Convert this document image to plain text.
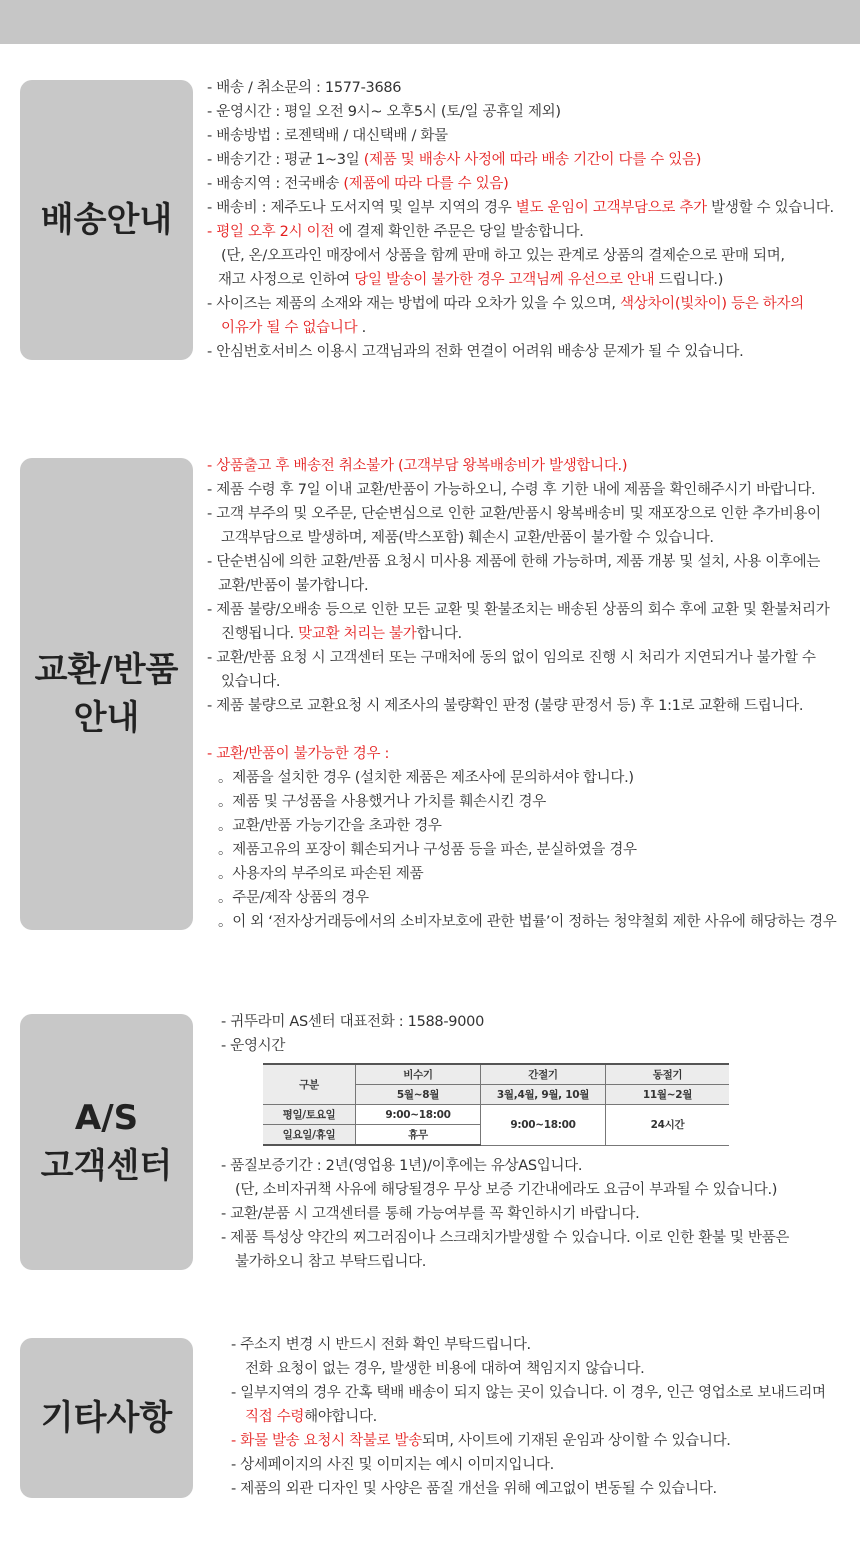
배송안내
- 배송 / 취소문의 : 1577-3686
- 운영시간 : 평일 오전 9시~ 오후5시 (토/일 공휴일 제외)
- 배송방법 : 로젠택배 / 대신택배 / 화물
- 배송기간 : 평균 1~3일 (제품 및 배송사 사정에 따라 배송 기간이 다를 수 있음)
- 배송지역 : 전국배송 (제품에 따라 다를 수 있음)
- 배송비 : 제주도나 도서지역 및 일부 지역의 경우 별도 운임이 고객부담으로 추가 발생할 수 있습니다.
- 평일 오후 2시 이전 에 결제 확인한 주문은 당일 발송합니다.
(단, 온/오프라인 매장에서 상품을 함께 판매 하고 있는 관계로 상품의 결제순으로 판매 되며,
재고 사정으로 인하여 당일 발송이 불가한 경우 고객님께 유선으로 안내 드립니다.)
- 사이즈는 제품의 소재와 재는 방법에 따라 오차가 있을 수 있으며, 색상차이(빛차이) 등은 하자의
이유가 될 수 없습니다 .
- 안심번호서비스 이용시 고객님과의 전화 연결이 어려워 배송상 문제가 될 수 있습니다.
교환/반품
안내
- 상품출고 후 배송전 취소불가 (고객부담 왕복배송비가 발생합니다.)
- 제품 수령 후 7일 이내 교환/반품이 가능하오니, 수령 후 기한 내에 제품을 확인해주시기 바랍니다.
- 고객 부주의 및 오주문, 단순변심으로 인한 교환/반품시 왕복배송비 및 재포장으로 인한 추가비용이
고객부담으로 발생하며, 제품(박스포함) 훼손시 교환/반품이 불가할 수 있습니다.
- 단순변심에 의한 교환/반품 요청시 미사용 제품에 한해 가능하며, 제품 개봉 및 설치, 사용 이후에는
교환/반품이 불가합니다.
- 제품 불량/오배송 등으로 인한 모든 교환 및 환불조치는 배송된 상품의 회수 후에 교환 및 환불처리가
진행됩니다. 맞교환 처리는 불가합니다.
- 교환/반품 요청 시 고객센터 또는 구매처에 동의 없이 임의로 진행 시 처리가 지연되거나 불가할 수
있습니다.
- 제품 불량으로 교환요청 시 제조사의 불량확인 판정 (불량 판정서 등) 후 1:1로 교환해 드립니다.
- 교환/반품이 불가능한 경우 :
。제품을 설치한 경우 (설치한 제품은 제조사에 문의하셔야 합니다.)
。제품 및 구성품을 사용했거나 가치를 훼손시킨 경우
。교환/반품 가능기간을 초과한 경우
。제품고유의 포장이 훼손되거나 구성품 등을 파손, 분실하였을 경우
。사용자의 부주의로 파손된 제품
。주문/제작 상품의 경우
。이 외 ‘전자상거래등에서의 소비자보호에 관한 법률’이 정하는 청약철회 제한 사유에 해당하는 경우
A/S
고객센터
- 귀뚜라미 AS센터 대표전화 : 1588-9000
- 운영시간
구분	비수기	간절기	동절기
	5월~8월	3월,4월, 9월, 10월	11월~2월
평일/토요일	9:00~18:00	9:00~18:00	24시간
일요일/휴일	휴무		
- 품질보증기간 : 2년(영업용 1년)/이후에는 유상AS입니다.
(단, 소비자귀책 사유에 해당될경우 무상 보증 기간내에라도 요금이 부과될 수 있습니다.)
- 교환/분품 시 고객센터를 통해 가능여부를 꼭 확인하시기 바랍니다.
- 제품 특성상 약간의 찌그러짐이나 스크래치가발생할 수 있습니다. 이로 인한 환불 및 반품은
불가하오니 참고 부탁드립니다.
기타사항
- 주소지 변경 시 반드시 전화 확인 부탁드립니다.
전화 요청이 없는 경우, 발생한 비용에 대하여 책임지지 않습니다.
- 일부지역의 경우 간혹 택배 배송이 되지 않는 곳이 있습니다. 이 경우, 인근 영업소로 보내드리며
직접 수령해야합니다.
- 화물 발송 요청시 착불로 발송되며, 사이트에 기재된 운임과 상이할 수 있습니다.
- 상세페이지의 사진 및 이미지는 예시 이미지입니다.
- 제품의 외관 디자인 및 사양은 품질 개선을 위해 예고없이 변동될 수 있습니다.
